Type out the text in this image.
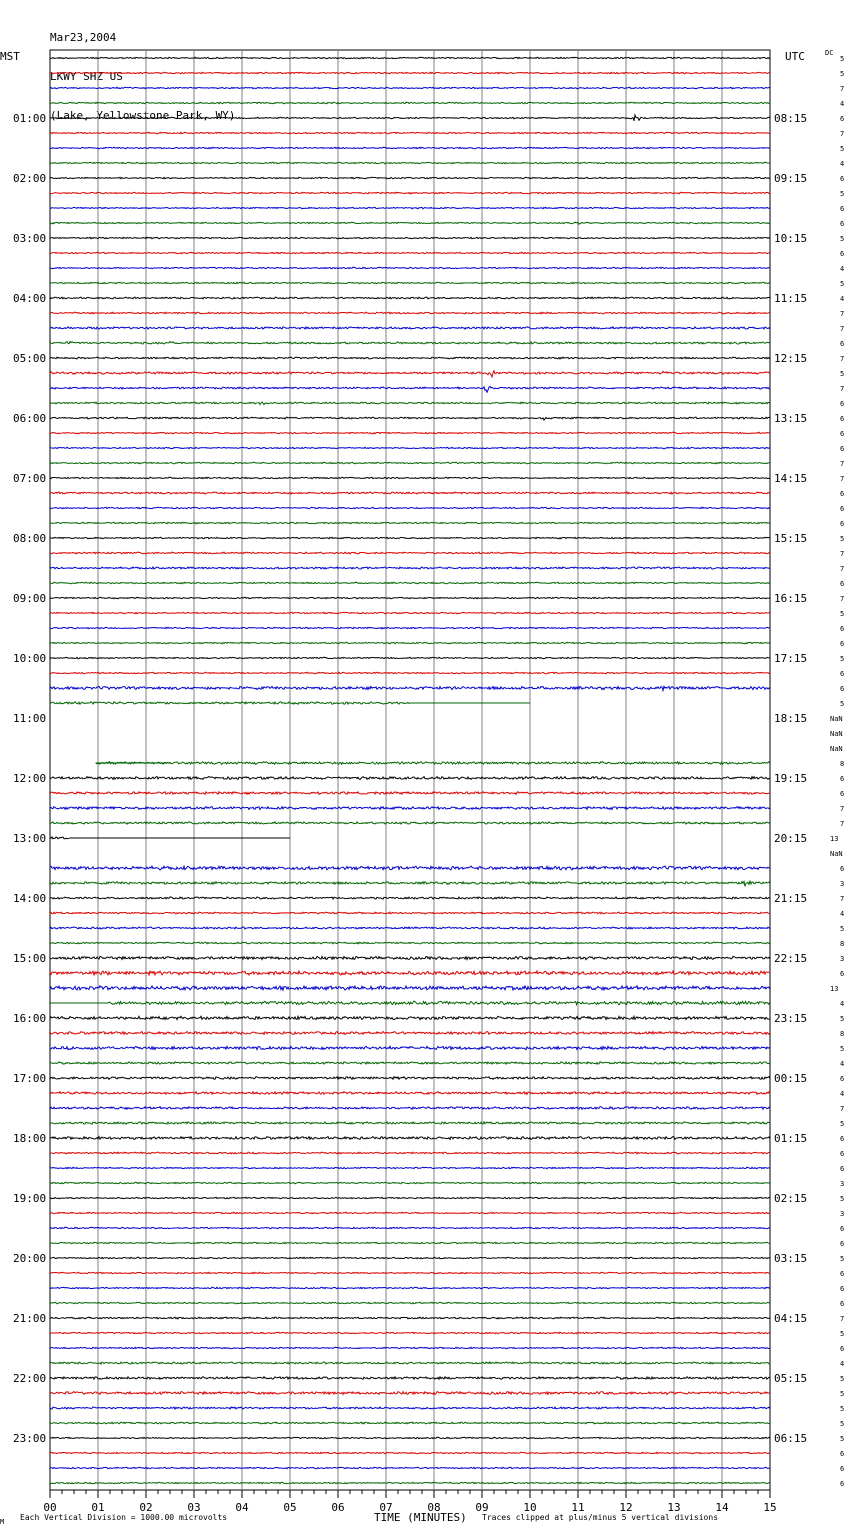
Mar23,2004

LKWY SHZ US

(Lake, Yellowstone Park, WY)

MST	UTC	DC
00	01	02	03	04	05	06	07	08	09	10	11	12	13	14	15
01:00
02:00
03:00
04:00
05:00
06:00
07:00
08:00
09:00
10:00
11:00
12:00
13:00
14:00
15:00
16:00
17:00
18:00
19:00
20:00
21:00
22:00
23:00
08:15
09:15
10:15
11:15
12:15
13:15
14:15
15:15
16:15
17:15
18:15
19:15
20:15
21:15
22:15
23:15
00:15
01:15
02:15
03:15
04:15
05:15
06:15
5
5
7
4
6
7
5
4
6
5
6
6
5
6
4
5
4
7
7
6
7
5
7
6
6
6
6
7
7
6
6
6
5
7
7
6
7
5
6
6
5
6
6
5
NaN
NaN
NaN
8
6
6
7
7
13
NaN
6
3
7
4
5
8
3
6
13
4
5
8
5
4
6
4
7
5
6
6
6
3
5
3
6
6
5
6
6
6
7
5
6
4
5
5
5
5
5
6
6
6
M Each Vertical Division = 1000.00 microvolts	TIME (MINUTES) Traces clipped at plus/minus 5 vertical divisions
